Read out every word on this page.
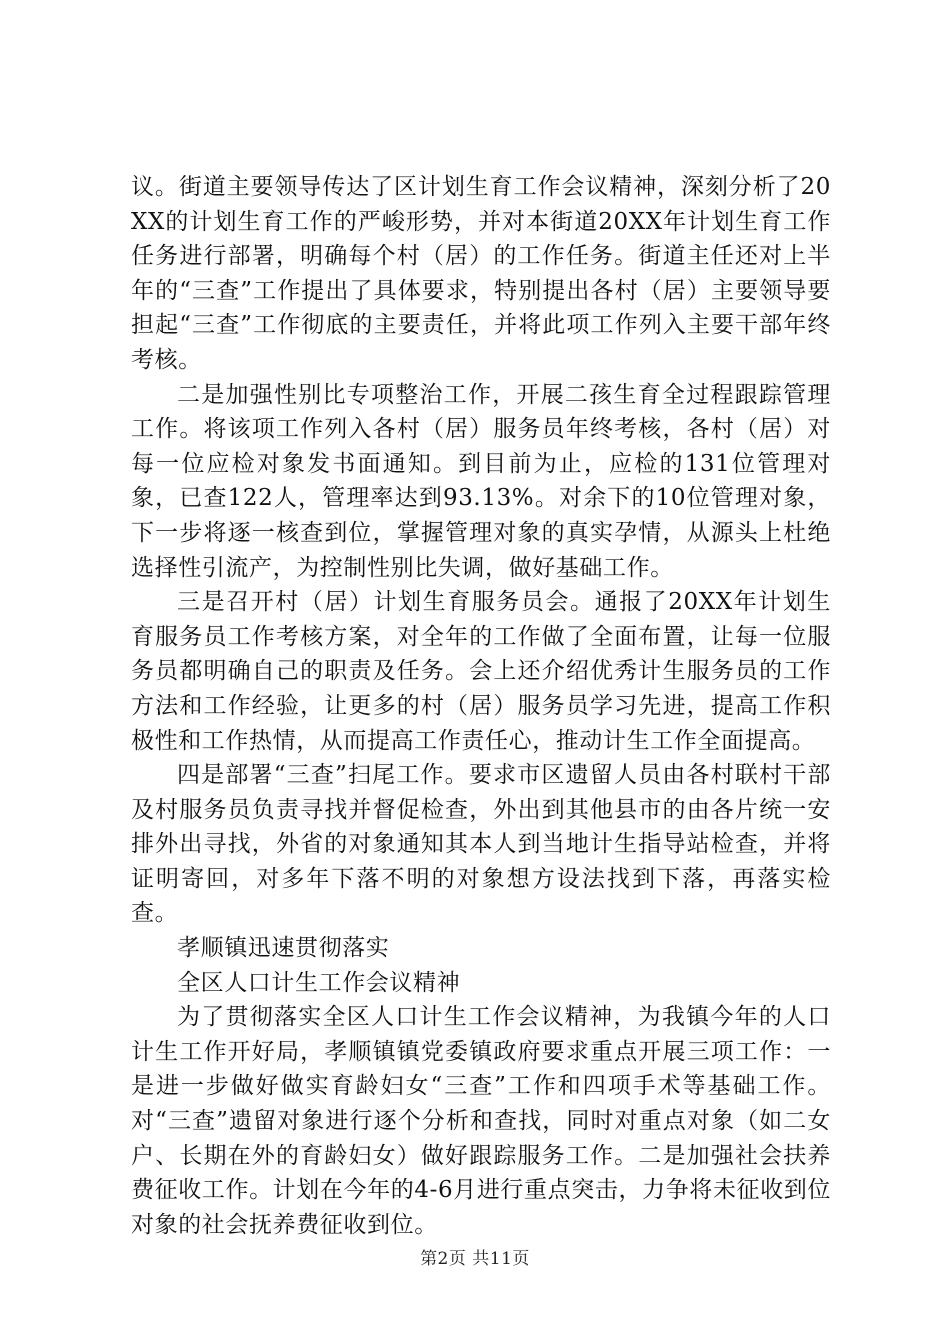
议。街道主要领导传达了区计划生育工作会议精神，深刻分析了20XX的计划生育工作的严峻形势，并对本街道20XX年计划生育工作任务进行部署，明确每个村（居）的工作任务。街道主任还对上半年的“三查”工作提出了具体要求，特别提出各村（居）主要领导要担起“三查”工作彻底的主要责任，并将此项工作列入主要干部年终考核。

二是加强性别比专项整治工作，开展二孩生育全过程跟踪管理工作。将该项工作列入各村（居）服务员年终考核，各村（居）对每一位应检对象发书面通知。到目前为止，应检的131位管理对象，已查122人，管理率达到93.13%。对余下的10位管理对象，下一步将逐一核查到位，掌握管理对象的真实孕情，从源头上杜绝选择性引流产，为控制性别比失调，做好基础工作。

三是召开村（居）计划生育服务员会。通报了20XX年计划生育服务员工作考核方案，对全年的工作做了全面布置，让每一位服务员都明确自己的职责及任务。会上还介绍优秀计生服务员的工作方法和工作经验，让更多的村（居）服务员学习先进，提高工作积极性和工作热情，从而提高工作责任心，推动计生工作全面提高。

四是部署“三查”扫尾工作。要求市区遗留人员由各村联村干部及村服务员负责寻找并督促检查，外出到其他县市的由各片统一安排外出寻找，外省的对象通知其本人到当地计生指导站检查，并将证明寄回，对多年下落不明的对象想方设法找到下落，再落实检查。

孝顺镇迅速贯彻落实

全区人口计生工作会议精神

为了贯彻落实全区人口计生工作会议精神，为我镇今年的人口计生工作开好局，孝顺镇镇党委镇政府要求重点开展三项工作：一是进一步做好做实育龄妇女“三查”工作和四项手术等基础工作。对“三查”遗留对象进行逐个分析和查找，同时对重点对象（如二女户、长期在外的育龄妇女）做好跟踪服务工作。二是加强社会扶养费征收工作。计划在今年的4-6月进行重点突击，力争将未征收到位对象的社会抚养费征收到位。

第2页 共11页
